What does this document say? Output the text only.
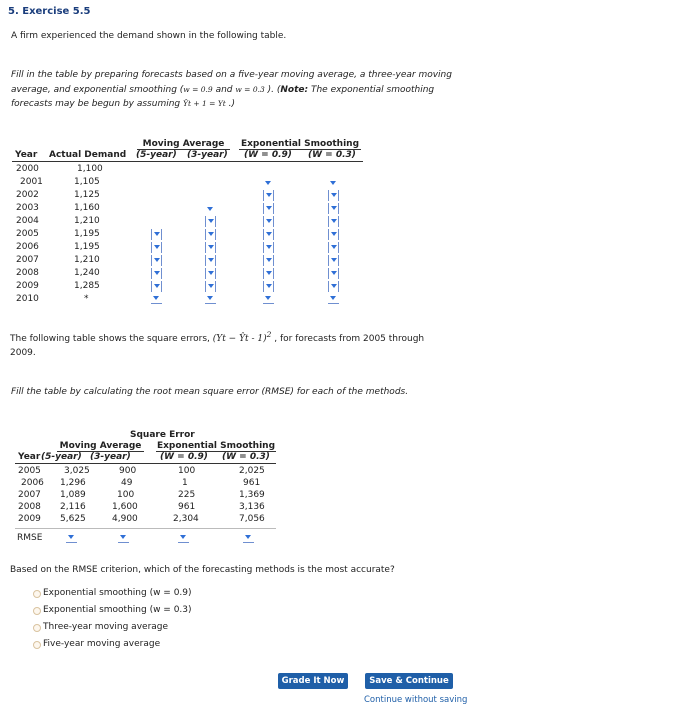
5. Exercise 5.5
A firm experienced the demand shown in the following table.
Fill in the table by preparing forecasts based on a five-year moving average, a three-year moving average, and exponential smoothing (w = 0.9 and w = 0.3 ). (Note: The exponential smoothing forecasts may be begun by assuming Ŷt + 1 = Yt .)
Moving Average	Exponential Smoothing
Year Actual Demand (5-year) (3-year) (W = 0.9) (W = 0.3)
2000	1,100
2001	1,105
2002	1,125
2003	1,160
2004	1,210
2005	1,195
2006	1,195
2007	1,210
2008	1,240
2009	1,285
2010	*
The following table shows the square errors, (Yt − Ŷt - 1)$^2$ , for forecasts from 2005 through
2009.
Fill the table by calculating the root mean square error (RMSE) for each of the methods.
Square Error
Moving Average Exponential Smoothing
Year (5-year) (3-year)	(W = 0.9) (W = 0.3)
2005	3,025	900	100	2,025
2006 1,296	49	1	961
2007 1,089	100	225	1,369
2008 2,116	1,600	961	3,136
2009 5,625	4,900	2,304	7,056
RMSE
Based on the RMSE criterion, which of the forecasting methods is the most accurate?
Exponential smoothing (w = 0.9)
Exponential smoothing (w = 0.3)
Three-year moving average
Five-year moving average
Grade It Now	Save & Continue
Continue without saving
